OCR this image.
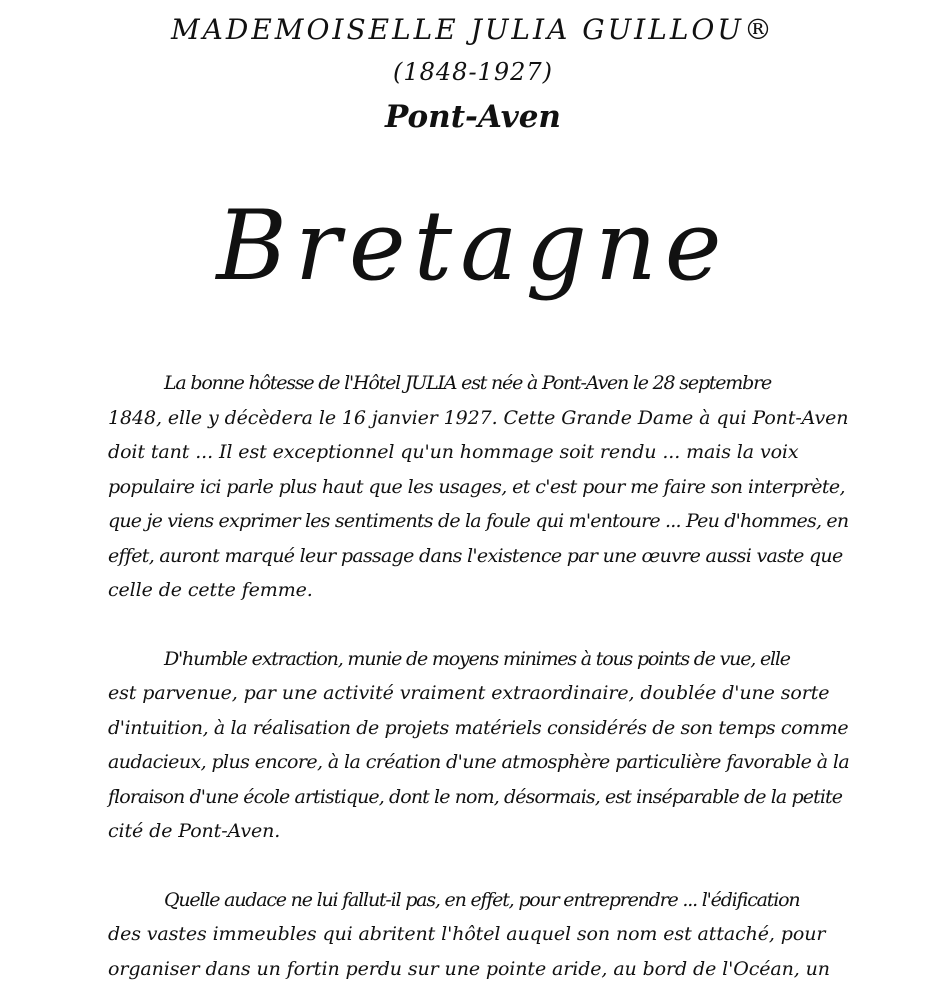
MADEMOISELLE JULIA GUILLOU®
(1848-1927)
Pont-Aven
Bretagne

La bonne hôtesse de l'Hôtel JULIA est née à Pont-Aven le 28 septembre
1848, elle y décèdera le 16 janvier 1927. Cette Grande Dame à qui Pont-Aven
doit tant ... Il est exceptionnel qu'un hommage soit rendu ... mais la voix
populaire ici parle plus haut que les usages, et c'est pour me faire son interprète,
que je viens exprimer les sentiments de la foule qui m'entoure ... Peu d'hommes, en
effet, auront marqué leur passage dans l'existence par une œuvre aussi vaste que
celle de cette femme.

D'humble extraction, munie de moyens minimes à tous points de vue, elle
est parvenue, par une activité vraiment extraordinaire, doublée d'une sorte
d'intuition, à la réalisation de projets matériels considérés de son temps comme
audacieux, plus encore, à la création d'une atmosphère particulière favorable à la
floraison d'une école artistique, dont le nom, désormais, est inséparable de la petite
cité de Pont-Aven.

Quelle audace ne lui fallut-il pas, en effet, pour entreprendre ... l'édification
des vastes immeubles qui abritent l'hôtel auquel son nom est attaché, pour
organiser dans un fortin perdu sur une pointe aride, au bord de l'Océan, un
